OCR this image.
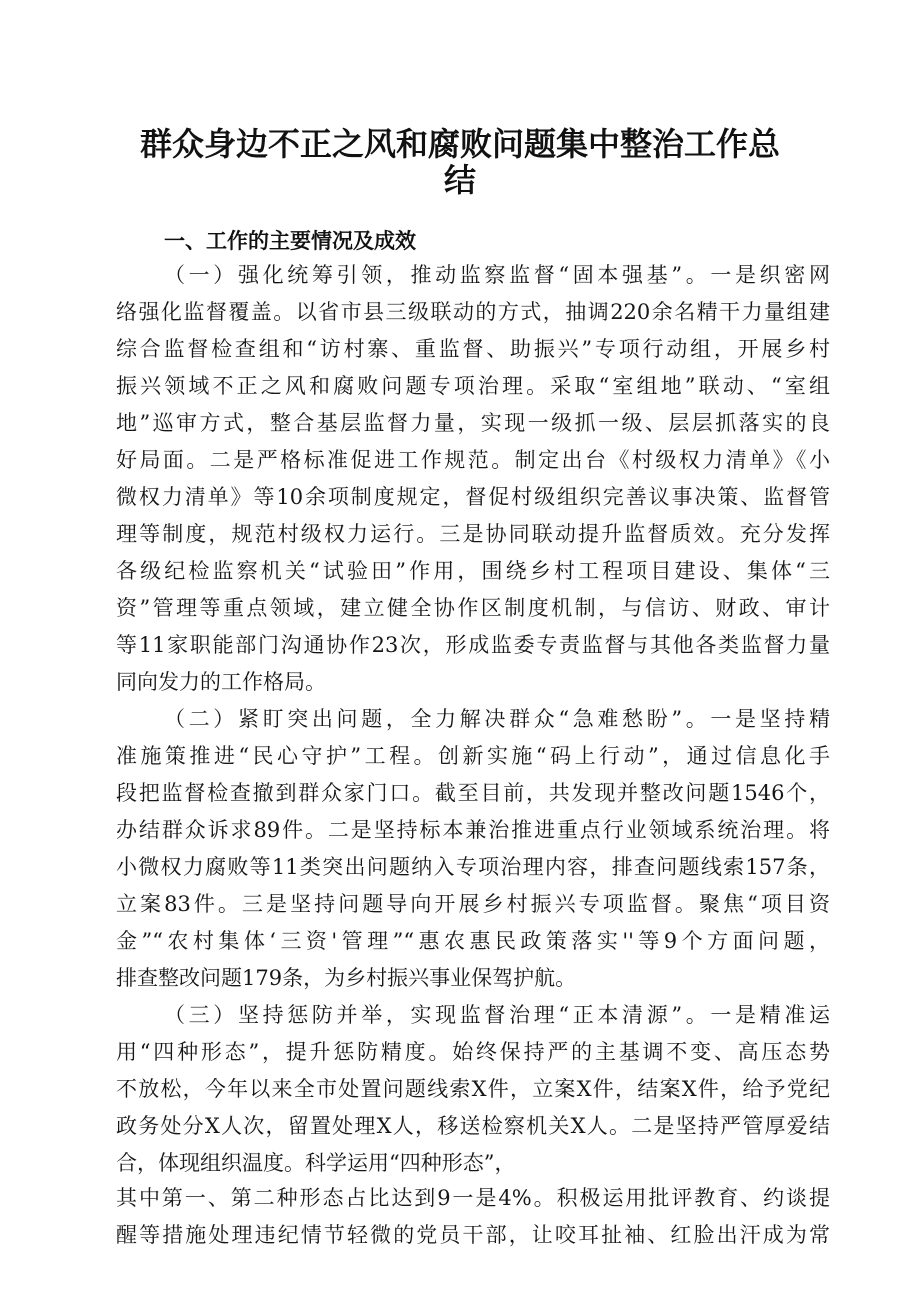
群众身边不正之风和腐败问题集中整治工作总
结
一、工作的主要情况及成效
（一）强化统筹引领，推动监察监督“固本强基”。一是织密网
络强化监督覆盖。以省市县三级联动的方式，抽调220余名精干力量组建
综合监督检查组和“访村寨、重监督、助振兴”专项行动组，开展乡村
振兴领域不正之风和腐败问题专项治理。采取“室组地”联动、“室组
地”巡审方式，整合基层监督力量，实现一级抓一级、层层抓落实的良
好局面。二是严格标准促进工作规范。制定出台《村级权力清单》《小
微权力清单》等10余项制度规定，督促村级组织完善议事决策、监督管
理等制度，规范村级权力运行。三是协同联动提升监督质效。充分发挥
各级纪检监察机关“试验田”作用，围绕乡村工程项目建设、集体“三
资”管理等重点领域，建立健全协作区制度机制，与信访、财政、审计
等11家职能部门沟通协作23次，形成监委专责监督与其他各类监督力量
同向发力的工作格局。
（二）紧盯突出问题，全力解决群众“急难愁盼”。一是坚持精
准施策推进“民心守护”工程。创新实施“码上行动”，通过信息化手
段把监督检查撤到群众家门口。截至目前，共发现并整改问题1546个，
办结群众诉求89件。二是坚持标本兼治推进重点行业领域系统治理。将
小微权力腐败等11类突出问题纳入专项治理内容，排查问题线索157条，
立案83件。三是坚持问题导向开展乡村振兴专项监督。聚焦“项目资
金”“农村集体‘三资'管理”“惠农惠民政策落实''等9个方面问题，
排查整改问题179条，为乡村振兴事业保驾护航。
（三）坚持惩防并举，实现监督治理“正本清源”。一是精准运
用“四种形态”，提升惩防精度。始终保持严的主基调不变、高压态势
不放松，今年以来全市处置问题线索X件，立案X件，结案X件，给予党纪
政务处分X人次，留置处理X人，移送检察机关X人。二是坚持严管厚爱结
合，体现组织温度。科学运用“四种形态”，
其中第一、第二种形态占比达到9一是4%。积极运用批评教育、约谈提
醒等措施处理违纪情节轻微的党员干部，让咬耳扯袖、红脸出汗成为常
